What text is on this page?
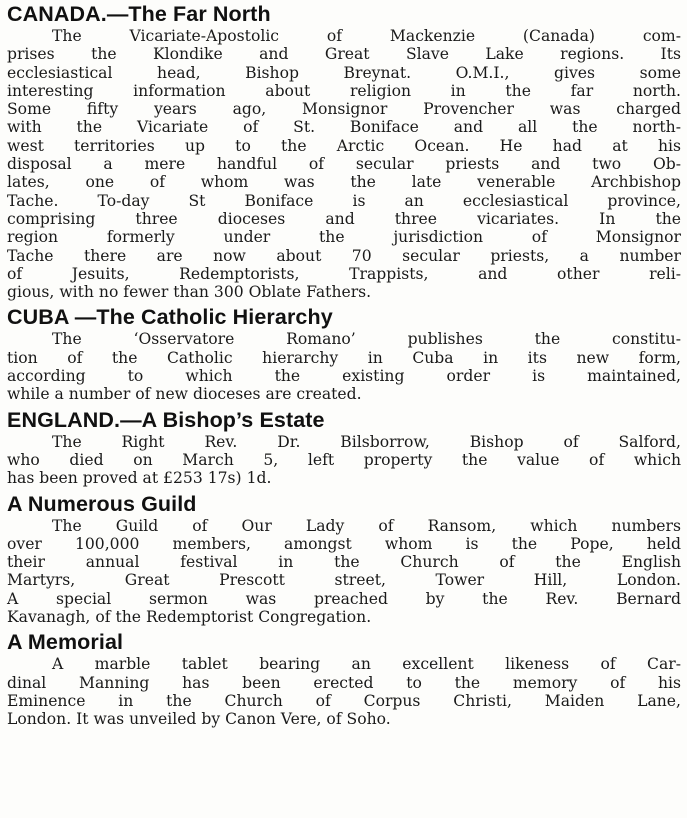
CANADA.—The Far North

The Vicariate-Apostolic of Mackenzie (Canada) com-
prises the Klondike and Great Slave Lake regions. Its
ecclesiastical head, Bishop Breynat. O.M.I., gives some
interesting information about religion in the far north.
Some fifty years ago, Monsignor Provencher was charged
with the Vicariate of St. Boniface and all the north-
west territories up to the Arctic Ocean. He had at his
disposal a mere handful of secular priests and two Ob-
lates, one of whom was the late venerable Archbishop
Tache. To-day St Boniface is an ecclesiastical province,
comprising three dioceses and three vicariates. In the
region formerly under the jurisdiction of Monsignor
Tache there are now about 70 secular priests, a number
of Jesuits, Redemptorists, Trappists, and other reli-
gious, with no fewer than 300 Oblate Fathers.

CUBA —The Catholic Hierarchy

The ‘Osservatore Romano’ publishes the constitu-
tion of the Catholic hierarchy in Cuba in its new form,
according to which the existing order is maintained,
while a number of new dioceses are created.

ENGLAND.—A Bishop’s Estate

The Right Rev. Dr. Bilsborrow, Bishop of Salford,
who died on March 5, left property the value of which
has been proved at £253 17s) 1d.

A Numerous Guild

The Guild of Our Lady of Ransom, which numbers
over 100,000 members, amongst whom is the Pope, held
their annual festival in the Church of the English
Martyrs, Great Prescott street, Tower Hill, London.
A special sermon was preached by the Rev. Bernard
Kavanagh, of the Redemptorist Congregation.

A Memorial

A marble tablet bearing an excellent likeness of Car-
dinal Manning has been erected to the memory of his
Eminence in the Church of Corpus Christi, Maiden Lane,
London. It was unveiled by Canon Vere, of Soho.
